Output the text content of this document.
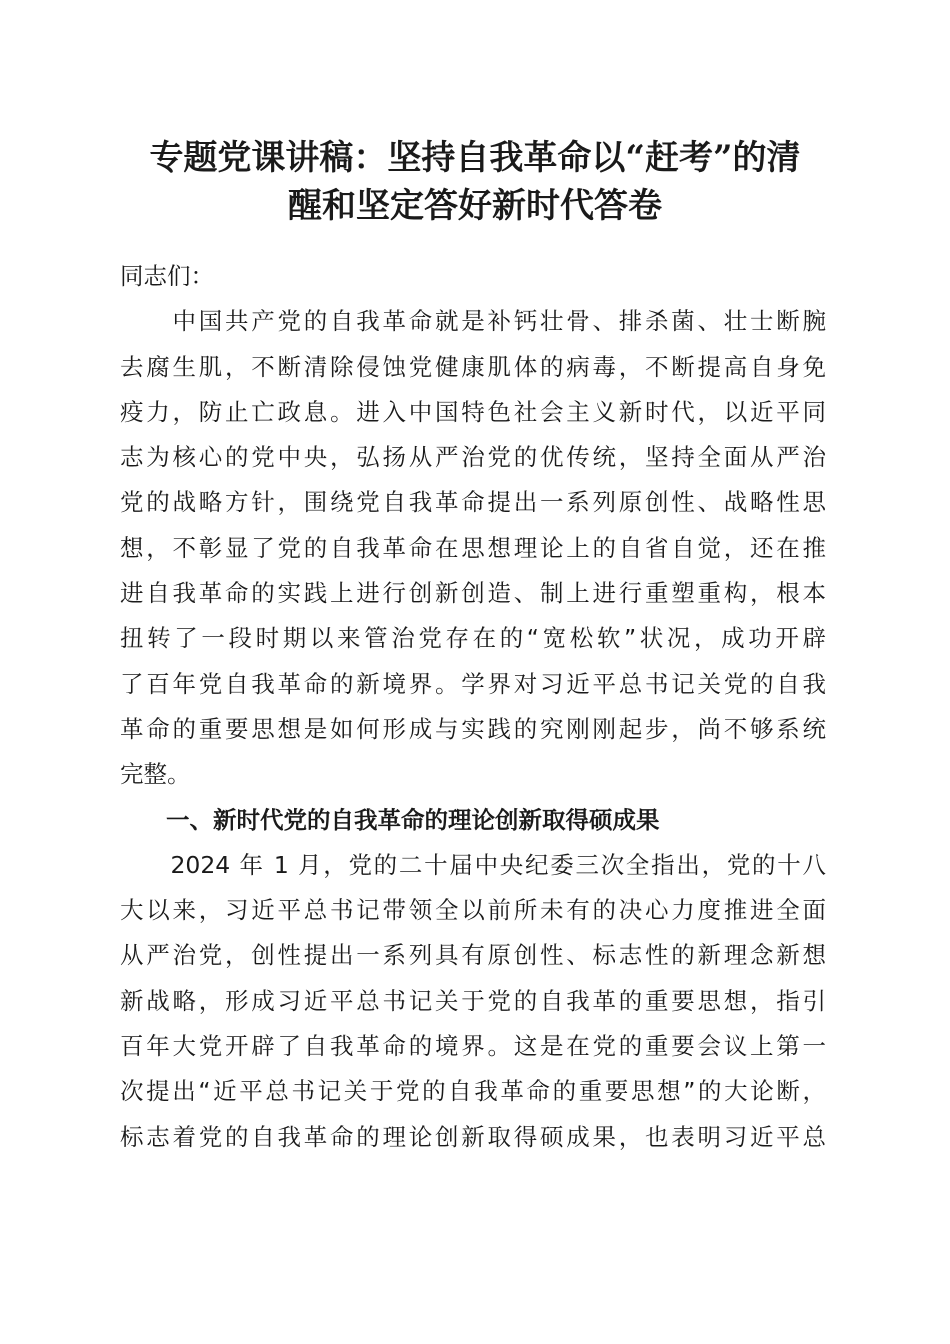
专题党课讲稿：坚持自我革命以“赶考”的清
醒和坚定答好新时代答卷

同志们：

　　中国共产党的自我革命就是补钙壮骨、排杀菌、壮士断腕
去腐生肌，不断清除侵蚀党健康肌体的病毒，不断提高自身免
疫力，防止亡政息。进入中国特色社会主义新时代，以近平同
志为核心的党中央，弘扬从严治党的优传统，坚持全面从严治
党的战略方针，围绕党自我革命提出一系列原创性、战略性思
想，不彰显了党的自我革命在思想理论上的自省自觉，还在推
进自我革命的实践上进行创新创造、制上进行重塑重构，根本
扭转了一段时期以来管治党存在的“宽松软”状况，成功开辟
了百年党自我革命的新境界。学界对习近平总书记关党的自我
革命的重要思想是如何形成与实践的究刚刚起步，尚不够系统
完整。

一、新时代党的自我革命的理论创新取得硕成果

　　2024 年 1 月，党的二十届中央纪委三次全指出，党的十八
大以来，习近平总书记带领全以前所未有的决心力度推进全面
从严治党，创性提出一系列具有原创性、标志性的新理念新想
新战略，形成习近平总书记关于党的自我革的重要思想，指引
百年大党开辟了自我革命的境界。这是在党的重要会议上第一
次提出“近平总书记关于党的自我革命的重要思想”的大论断，
标志着党的自我革命的理论创新取得硕成果，也表明习近平总
